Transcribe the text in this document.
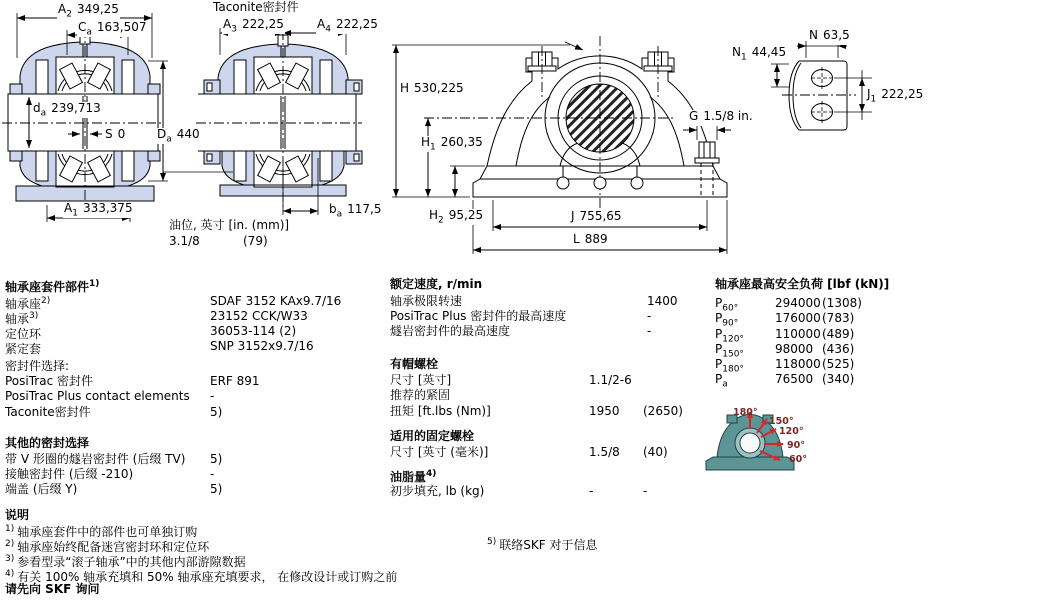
Taconite密封件
$A_2$ 349,25
$C_a$ 163,507	$A_3$ 222,25	$A_4$ 222,25
$d_a$ 239,713
S 0	$D_a$ 440
$A_1$ 333,375	$b_a$ 117,5
H 530,225
$H_1$ 260,35
$H_2$ 95,25	J 755,65
L 889
G 1.5/8 in.
$N_1$ 44,45
N 63,5
$J_1$ 222,25
油位, 英寸 [in. (mm)]
3.1/8	(79)
180°
150°
120°
90°
60°
轴承座套件部件$^{1)}$
轴承座$^{2)}$	SDAF 3152 KAx9.7/16
轴承$^{3)}$	23152 CCK/W33
定位环	36053-114 (2)
紧定套	SNP 3152x9.7/16
密封件选择:
PosiTrac 密封件	ERF 891
PosiTrac Plus contact elements -
Taconite密封件	5)
其他的密封选择
带 V 形圈的燧岩密封件 (后缀 TV) 5)
接触密封件 (后缀 -210)	-
端盖 (后缀 Y)	5)
说明
$^{1)}$ 轴承座套件中的部件也可单独订购
$^{2)}$ 轴承座始终配备迷宫密封环和定位环
$^{3)}$ 参看型录“滚子轴承”中的其他内部游隙数据
$^{4)}$ 有关 100% 轴承充填和 50% 轴承座充填要求， 在修改设计或订购之前
请先向 SKF 询问
额定速度, r/min
轴承极限转速	1400
PosiTrac Plus 密封件的最高速度	-
燧岩密封件的最高速度	-
有帽螺栓
尺寸 [英寸]	1.1/2-6
推荐的紧固
扭矩 [ft.lbs (Nm)]	1950 (2650)
适用的固定螺栓
尺寸 [英寸 (毫米)]	1.5/8 (40)
油脂量$^{4)}$
初步填充, lb (kg)	-	-
$^{5)}$ 联络SKF 对于信息
轴承座最高安全负荷 [lbf (kN)]
$P_{60^\circ}$	294000 (1308)
$P_{90^\circ}$	176000 (783)
$P_{120^\circ}$	110000 (489)
$P_{150^\circ}$	98000 (436)
$P_{180^\circ}$	118000 (525)
$P_a$	76500 (340)
